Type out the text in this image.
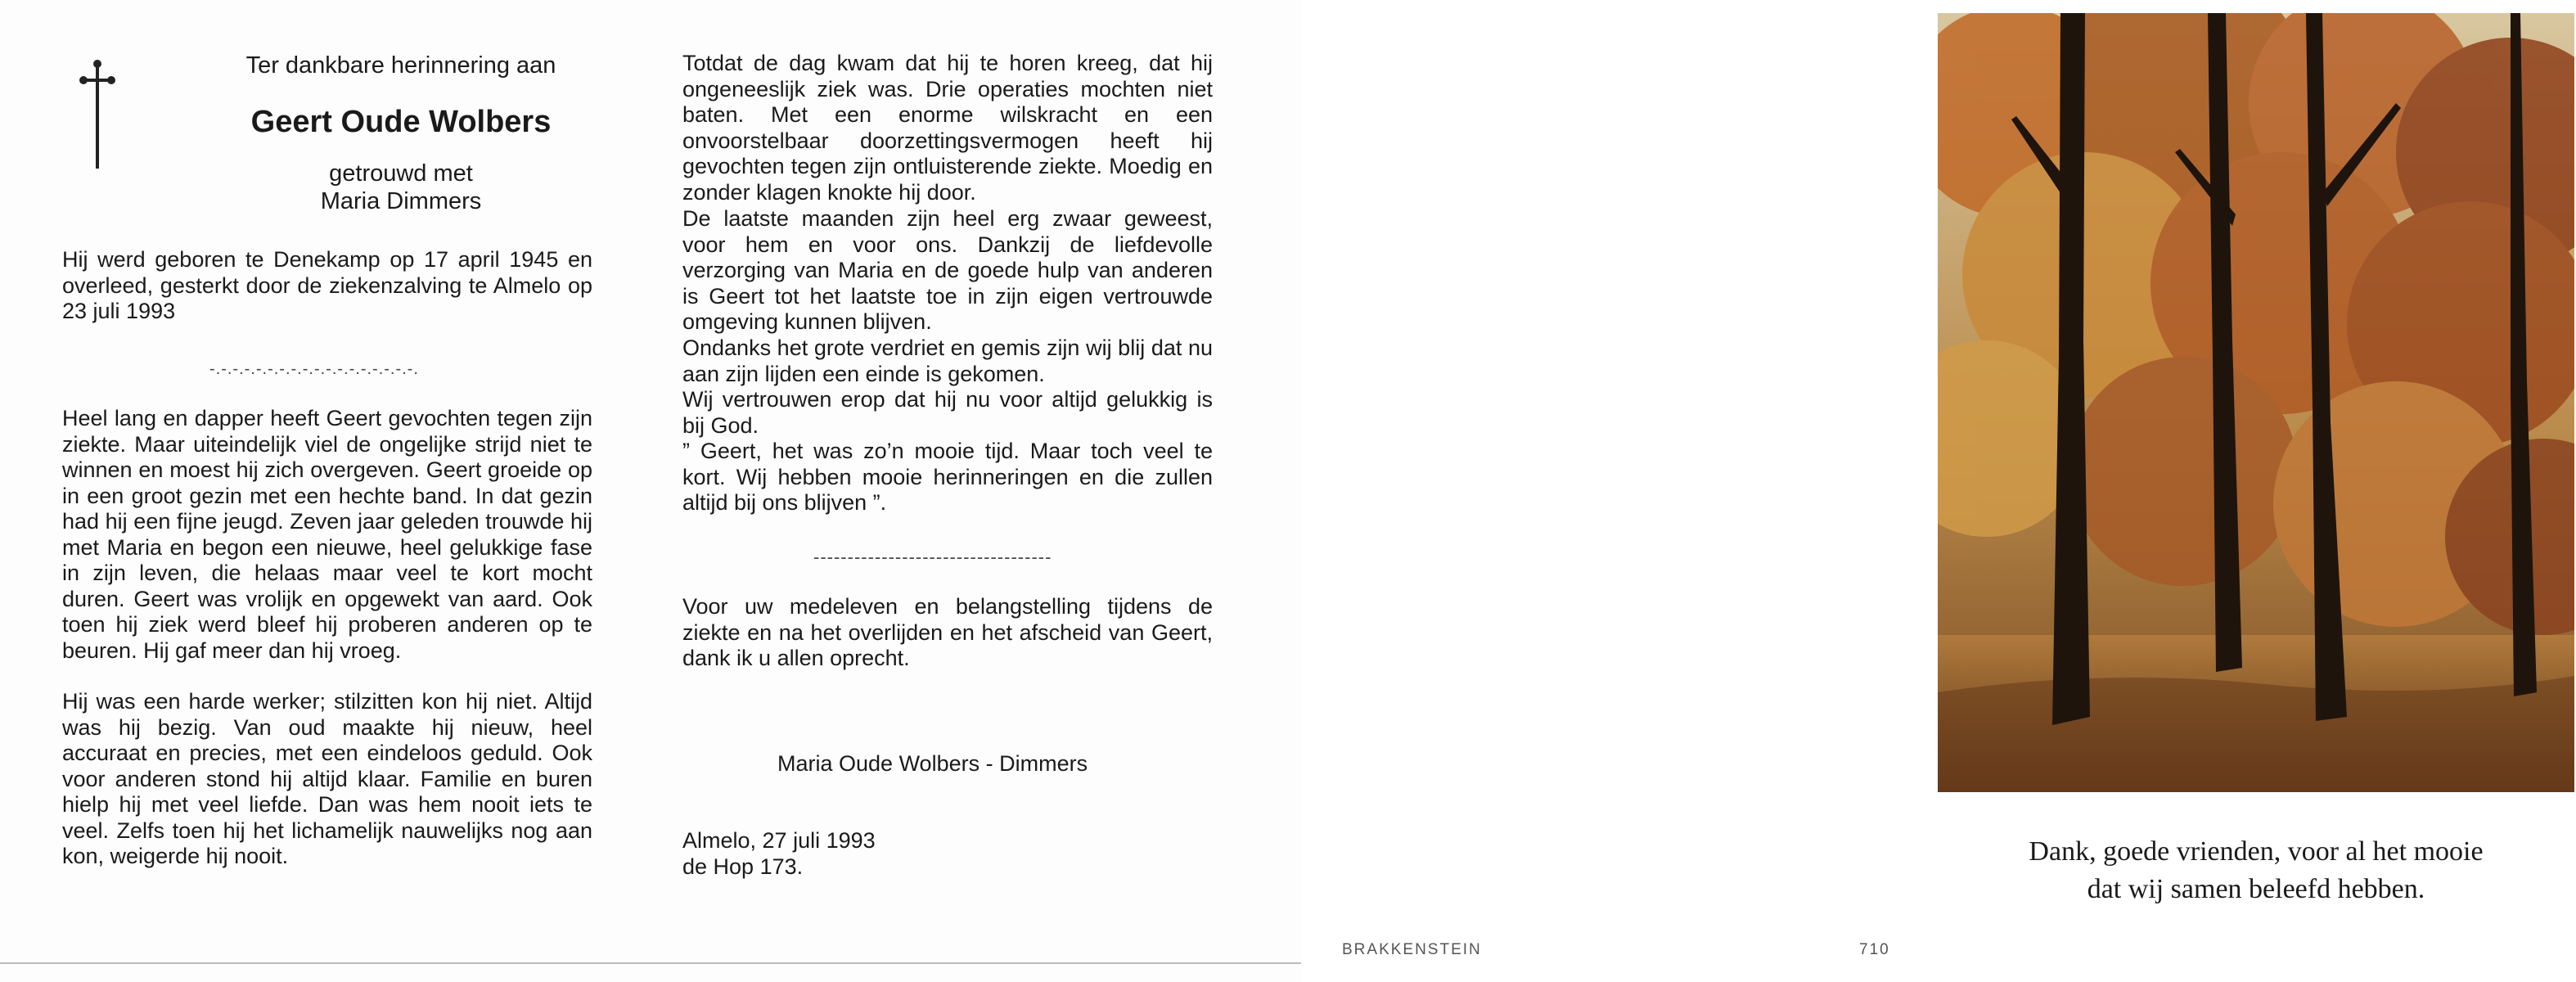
Ter dankbare herinnering aan
Geert Oude Wolbers
getrouwd met
Maria Dimmers
Hij werd geboren te Denekamp op 17 april 1945 en overleed, gesterkt door de ziekenzalving te Almelo op 23 juli 1993
-.-.-.-.-.-.-.-.-.-.-.-.-.-.-.-.-.-.
Heel lang en dapper heeft Geert gevochten tegen zijn ziekte. Maar uiteindelijk viel de ongelijke strijd niet te winnen en moest hij zich overgeven. Geert groeide op in een groot gezin met een hechte band. In dat gezin had hij een fijne jeugd. Zeven jaar geleden trouwde hij met Maria en begon een nieuwe, heel gelukkige fase in zijn leven, die helaas maar veel te kort mocht duren. Geert was vrolijk en opgewekt van aard. Ook toen hij ziek werd bleef hij proberen anderen op te beuren. Hij gaf meer dan hij vroeg.
Hij was een harde werker; stilzitten kon hij niet. Altijd was hij bezig. Van oud maakte hij nieuw, heel accuraat en precies, met een eindeloos geduld. Ook voor anderen stond hij altijd klaar. Familie en buren hielp hij met veel liefde. Dan was hem nooit iets te veel. Zelfs toen hij het lichamelijk nauwelijks nog aan kon, weigerde hij nooit.
Totdat de dag kwam dat hij te horen kreeg, dat hij ongeneeslijk ziek was. Drie operaties mochten niet baten. Met een enorme wilskracht en een onvoorstelbaar doorzettingsvermogen heeft hij gevochten tegen zijn ontluisterende ziekte. Moedig en zonder klagen knokte hij door.
De laatste maanden zijn heel erg zwaar geweest, voor hem en voor ons. Dankzij de liefdevolle verzorging van Maria en de goede hulp van anderen is Geert tot het laatste toe in zijn eigen vertrouwde omgeving kunnen blijven.
Ondanks het grote verdriet en gemis zijn wij blij dat nu aan zijn lijden een einde is gekomen.
Wij vertrouwen erop dat hij nu voor altijd gelukkig is bij God.
” Geert, het was zo’n mooie tijd. Maar toch veel te kort. Wij hebben mooie herinneringen en die zullen altijd bij ons blijven ”.
-----------------------------------
Voor uw medeleven en belangstelling tijdens de ziekte en na het overlijden en het afscheid van Geert, dank ik u allen oprecht.
Maria Oude Wolbers - Dimmers
Almelo, 27 juli 1993
de Hop 173.	Dank, goede vrienden, voor al het mooie
dat wij samen beleefd hebben.
BRAKKENSTEIN	710
